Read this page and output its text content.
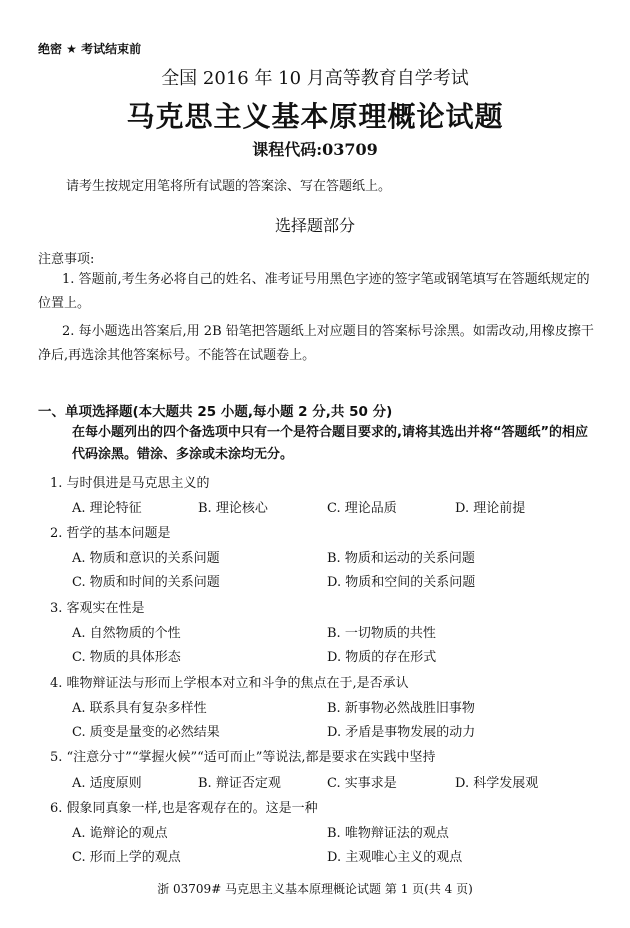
绝密 ★ 考试结束前
全国 2016 年 10 月高等教育自学考试
马克思主义基本原理概论试题
课程代码:03709
请考生按规定用笔将所有试题的答案涂、写在答题纸上。
选择题部分
注意事项:
1. 答题前,考生务必将自己的姓名、准考证号用黑色字迹的签字笔或钢笔填写在答题纸规定的位置上。
2. 每小题选出答案后,用 2B 铅笔把答题纸上对应题目的答案标号涂黑。如需改动,用橡皮擦干净后,再选涂其他答案标号。不能答在试题卷上。
一、单项选择题(本大题共 25 小题,每小题 2 分,共 50 分)
在每小题列出的四个备选项中只有一个是符合题目要求的,请将其选出并将“答题纸”的相应代码涂黑。错涂、多涂或未涂均无分。
1. 与时俱进是马克思主义的
A. 理论特征	B. 理论核心	C. 理论品质	D. 理论前提
2. 哲学的基本问题是
A. 物质和意识的关系问题	B. 物质和运动的关系问题
C. 物质和时间的关系问题	D. 物质和空间的关系问题
3. 客观实在性是
A. 自然物质的个性	B. 一切物质的共性
C. 物质的具体形态	D. 物质的存在形式
4. 唯物辩证法与形而上学根本对立和斗争的焦点在于,是否承认
A. 联系具有复杂多样性	B. 新事物必然战胜旧事物
C. 质变是量变的必然结果	D. 矛盾是事物发展的动力
5. “注意分寸”“掌握火候”“适可而止”等说法,都是要求在实践中坚持
A. 适度原则	B. 辩证否定观	C. 实事求是	D. 科学发展观
6. 假象同真象一样,也是客观存在的。这是一种
A. 诡辩论的观点	B. 唯物辩证法的观点
C. 形而上学的观点	D. 主观唯心主义的观点
浙 03709# 马克思主义基本原理概论试题 第 1 页(共 4 页)
